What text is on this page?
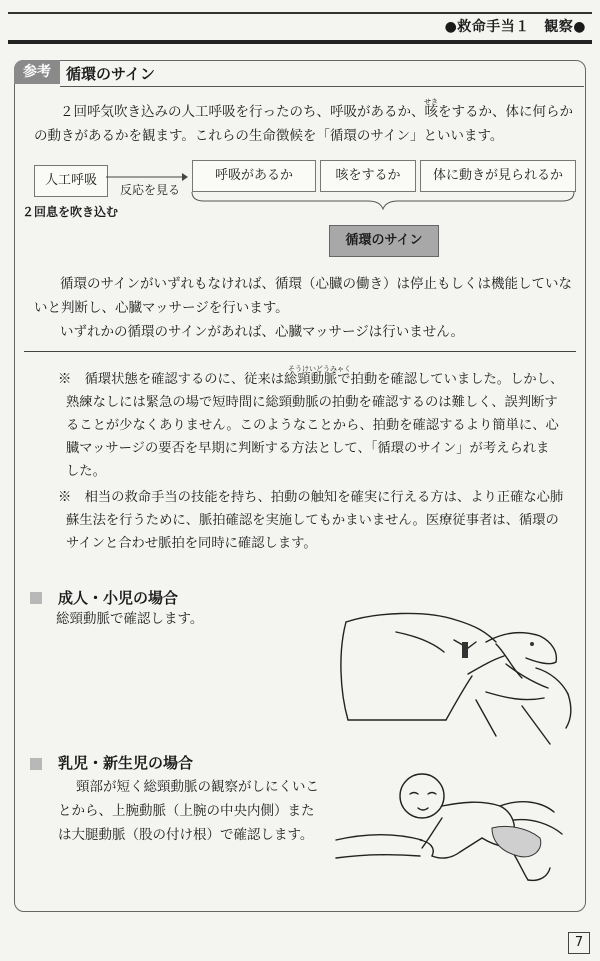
●救命手当１　観察●
参考	循環のサイン
せき
２回呼気吹き込みの人工呼吸を行ったのち、呼吸があるか、咳をするか、体に何らか
の動きがあるかを観ます。これらの生命徴候を「循環のサイン」といいます。
人工呼吸
２回息を吹き込む
反応を見る
呼吸があるか	咳をするか	体に動きが見られるか
循環のサイン
循環のサインがいずれもなければ、循環（心臓の働き）は停止もしくは機能していな
いと判断し、心臓マッサージを行います。
いずれかの循環のサインがあれば、心臓マッサージは行いません。
そうけいどうみゃく
※　循環状態を確認するのに、従来は総頸動脈で拍動を確認していました。しかし、
熟練なしには緊急の場で短時間に総頸動脈の拍動を確認するのは難しく、誤判断す
ることが少なくありません。このようなことから、拍動を確認するより簡単に、心
臓マッサージの要否を早期に判断する方法として、「循環のサイン」が考えられま
した。
※　相当の救命手当の技能を持ち、拍動の触知を確実に行える方は、より正確な心肺
蘇生法を行うために、脈拍確認を実施してもかまいません。医療従事者は、循環の
サインと合わせ脈拍を同時に確認します。
成人・小児の場合
総頸動脈で確認します。
乳児・新生児の場合
頸部が短く総頸動脈の観察がしにくいこ
とから、上腕動脈（上腕の中央内側）また
は大腿動脈（股の付け根）で確認します。
7
